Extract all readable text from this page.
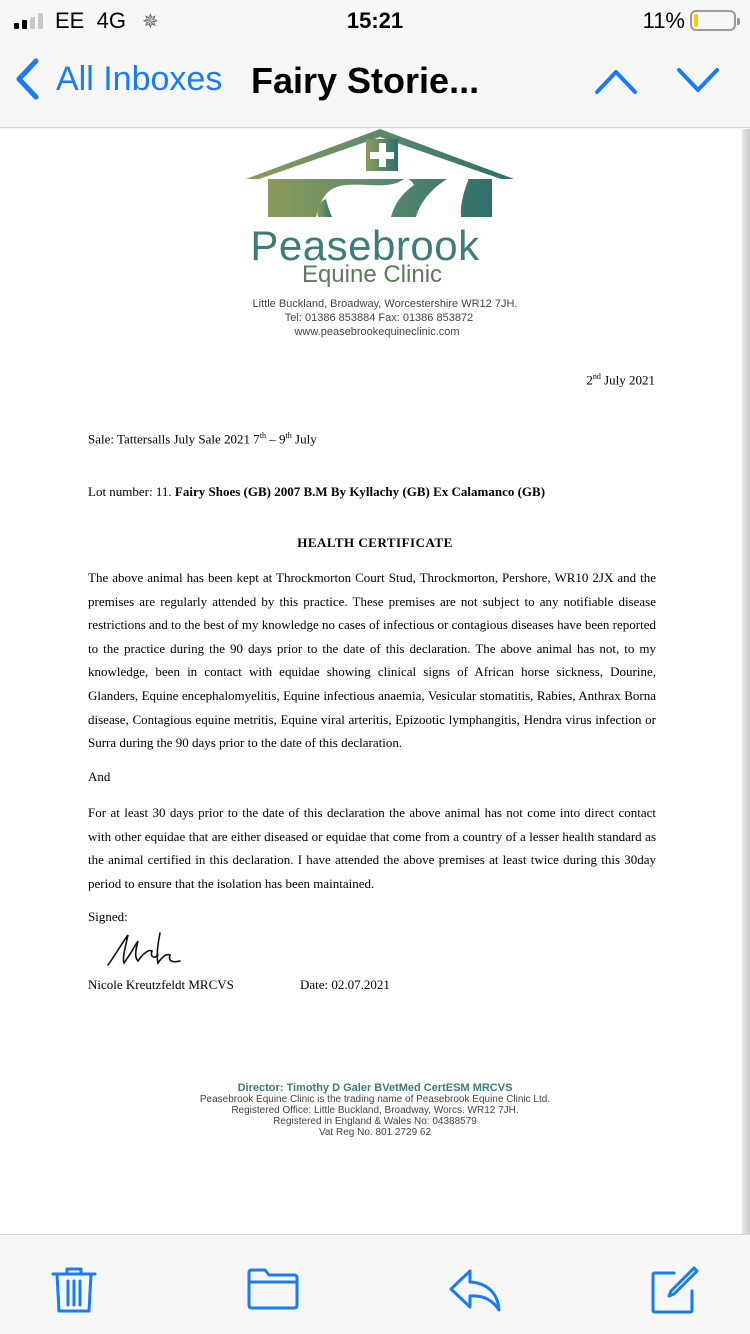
EE 4G ✵	15:21	11%
All Inboxes Fairy Storie...
Peasebrook
Equine Clinic
Little Buckland, Broadway, Worcestershire WR12 7JH.
Tel: 01386 853884 Fax: 01386 853872
www.peasebrookequineclinic.com
2nd July 2021
Sale: Tattersalls July Sale 2021 7th – 9th July
Lot number: 11. Fairy Shoes (GB) 2007 B.M By Kyllachy (GB) Ex Calamanco (GB)
HEALTH CERTIFICATE
The above animal has been kept at Throckmorton Court Stud, Throckmorton, Pershore, WR10 2JX and the premises are regularly attended by this practice. These premises are not subject to any notifiable disease restrictions and to the best of my knowledge no cases of infectious or contagious diseases have been reported to the practice during the 90 days prior to the date of this declaration. The above animal has not, to my knowledge, been in contact with equidae showing clinical signs of African horse sickness, Dourine, Glanders, Equine encephalomyelitis, Equine infectious anaemia, Vesicular stomatitis, Rabies, Anthrax Borna disease, Contagious equine metritis, Equine viral arteritis, Epizootic lymphangitis, Hendra virus infection or Surra during the 90 days prior to the date of this declaration.
And
For at least 30 days prior to the date of this declaration the above animal has not come into direct contact with other equidae that are either diseased or equidae that come from a country of a lesser health standard as the animal certified in this declaration. I have attended the above premises at least twice during this 30day period to ensure that the isolation has been maintained.
Signed:
Nicole Kreutzfeldt MRCVS	Date: 02.07.2021
Director: Timothy D Galer BVetMed CertESM MRCVS
Peasebrook Equine Clinic is the trading name of Peasebrook Equine Clinic Ltd.
Registered Office: Little Buckland, Broadway, Worcs. WR12 7JH.
Registered in England & Wales No: 04388579
Vat Reg No. 801 2729 62
